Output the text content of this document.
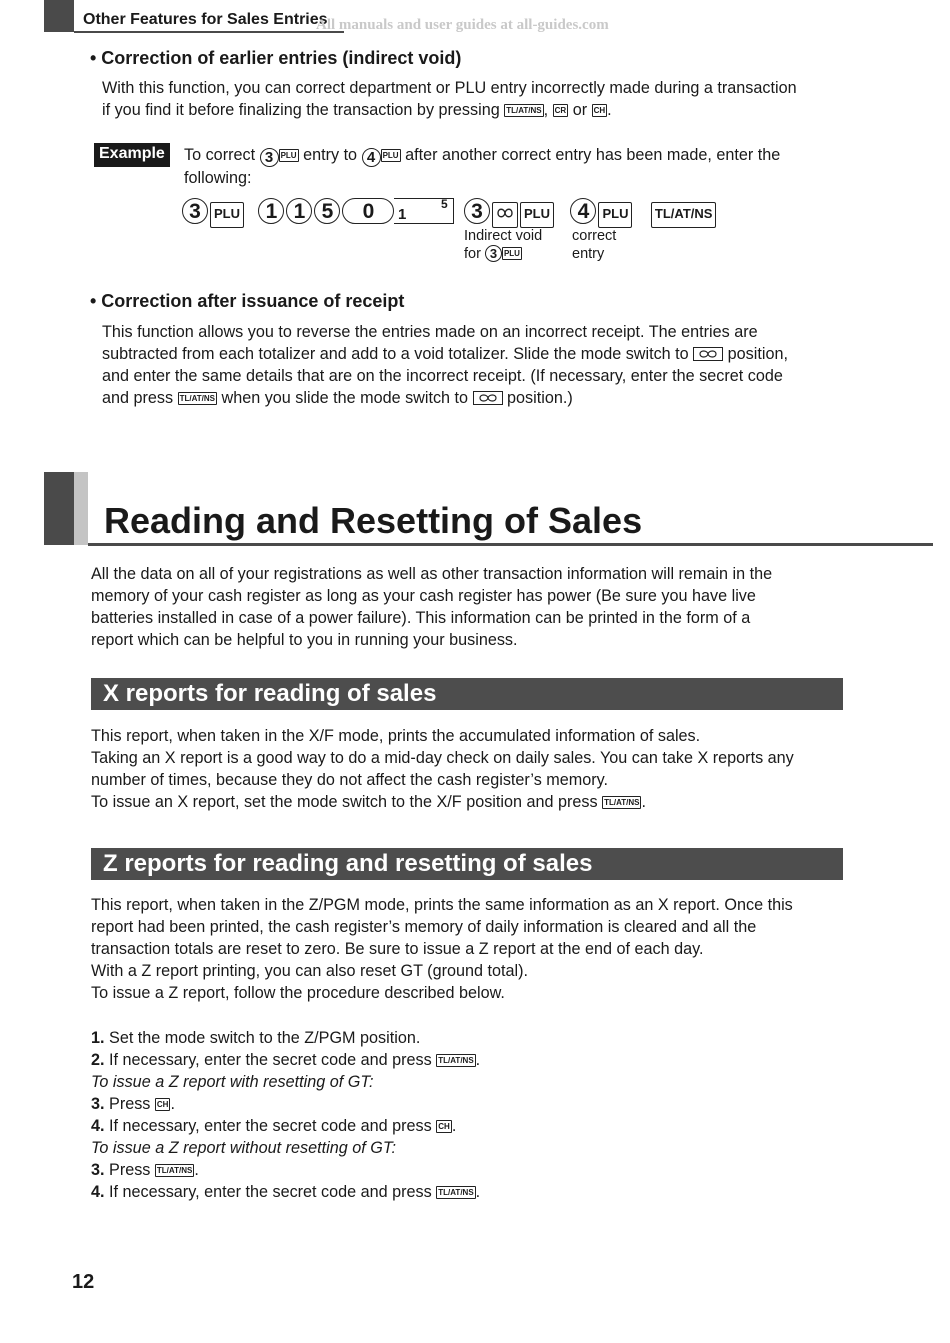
Other Features for Sales Entries
All manuals and user guides at all-guides.com
• Correction of earlier entries (indirect void)
With this function, you can correct department or PLU entry incorrectly made during a transaction
if you find it before finalizing the transaction by pressing TL/AT/NS , CR or CH .
Example	To correct 3 PLU entry to 4 PLU after another correct entry has been made, enter the
following:
3 PLU 1 1 5 0	1
5	3	PLU 4 PLU TL/AT/NS
Indirect void
for 3 PLU
correct
entry
• Correction after issuance of receipt
This function allows you to reverse the entries made on an incorrect receipt. The entries are
subtracted from each totalizer and add to a void totalizer. Slide the mode switch to position,
and enter the same details that are on the incorrect receipt. (If necessary, enter the secret code
and press TL/AT/NS when you slide the mode switch to position.)
Reading and Resetting of Sales
All the data on all of your registrations as well as other transaction information will remain in the
memory of your cash register as long as your cash register has power (Be sure you have live
batteries installed in case of a power failure). This information can be printed in the form of a
report which can be helpful to you in running your business.
X reports for reading of sales
This report, when taken in the X/F mode, prints the accumulated information of sales.
Taking an X report is a good way to do a mid-day check on daily sales. You can take X reports any
number of times, because they do not affect the cash register’s memory.
To issue an X report, set the mode switch to the X/F position and press TL/AT/NS .
Z reports for reading and resetting of sales
This report, when taken in the Z/PGM mode, prints the same information as an X report. Once this
report had been printed, the cash register’s memory of daily information is cleared and all the
transaction totals are reset to zero. Be sure to issue a Z report at the end of each day.
With a Z report printing, you can also reset GT (ground total).
To issue a Z report, follow the procedure described below.
1. Set the mode switch to the Z/PGM position.
2. If necessary, enter the secret code and press TL/AT/NS .
To issue a Z report with resetting of GT:
3. Press CH .
4. If necessary, enter the secret code and press CH .
To issue a Z report without resetting of GT:
3. Press TL/AT/NS .
4. If necessary, enter the secret code and press TL/AT/NS .
12
